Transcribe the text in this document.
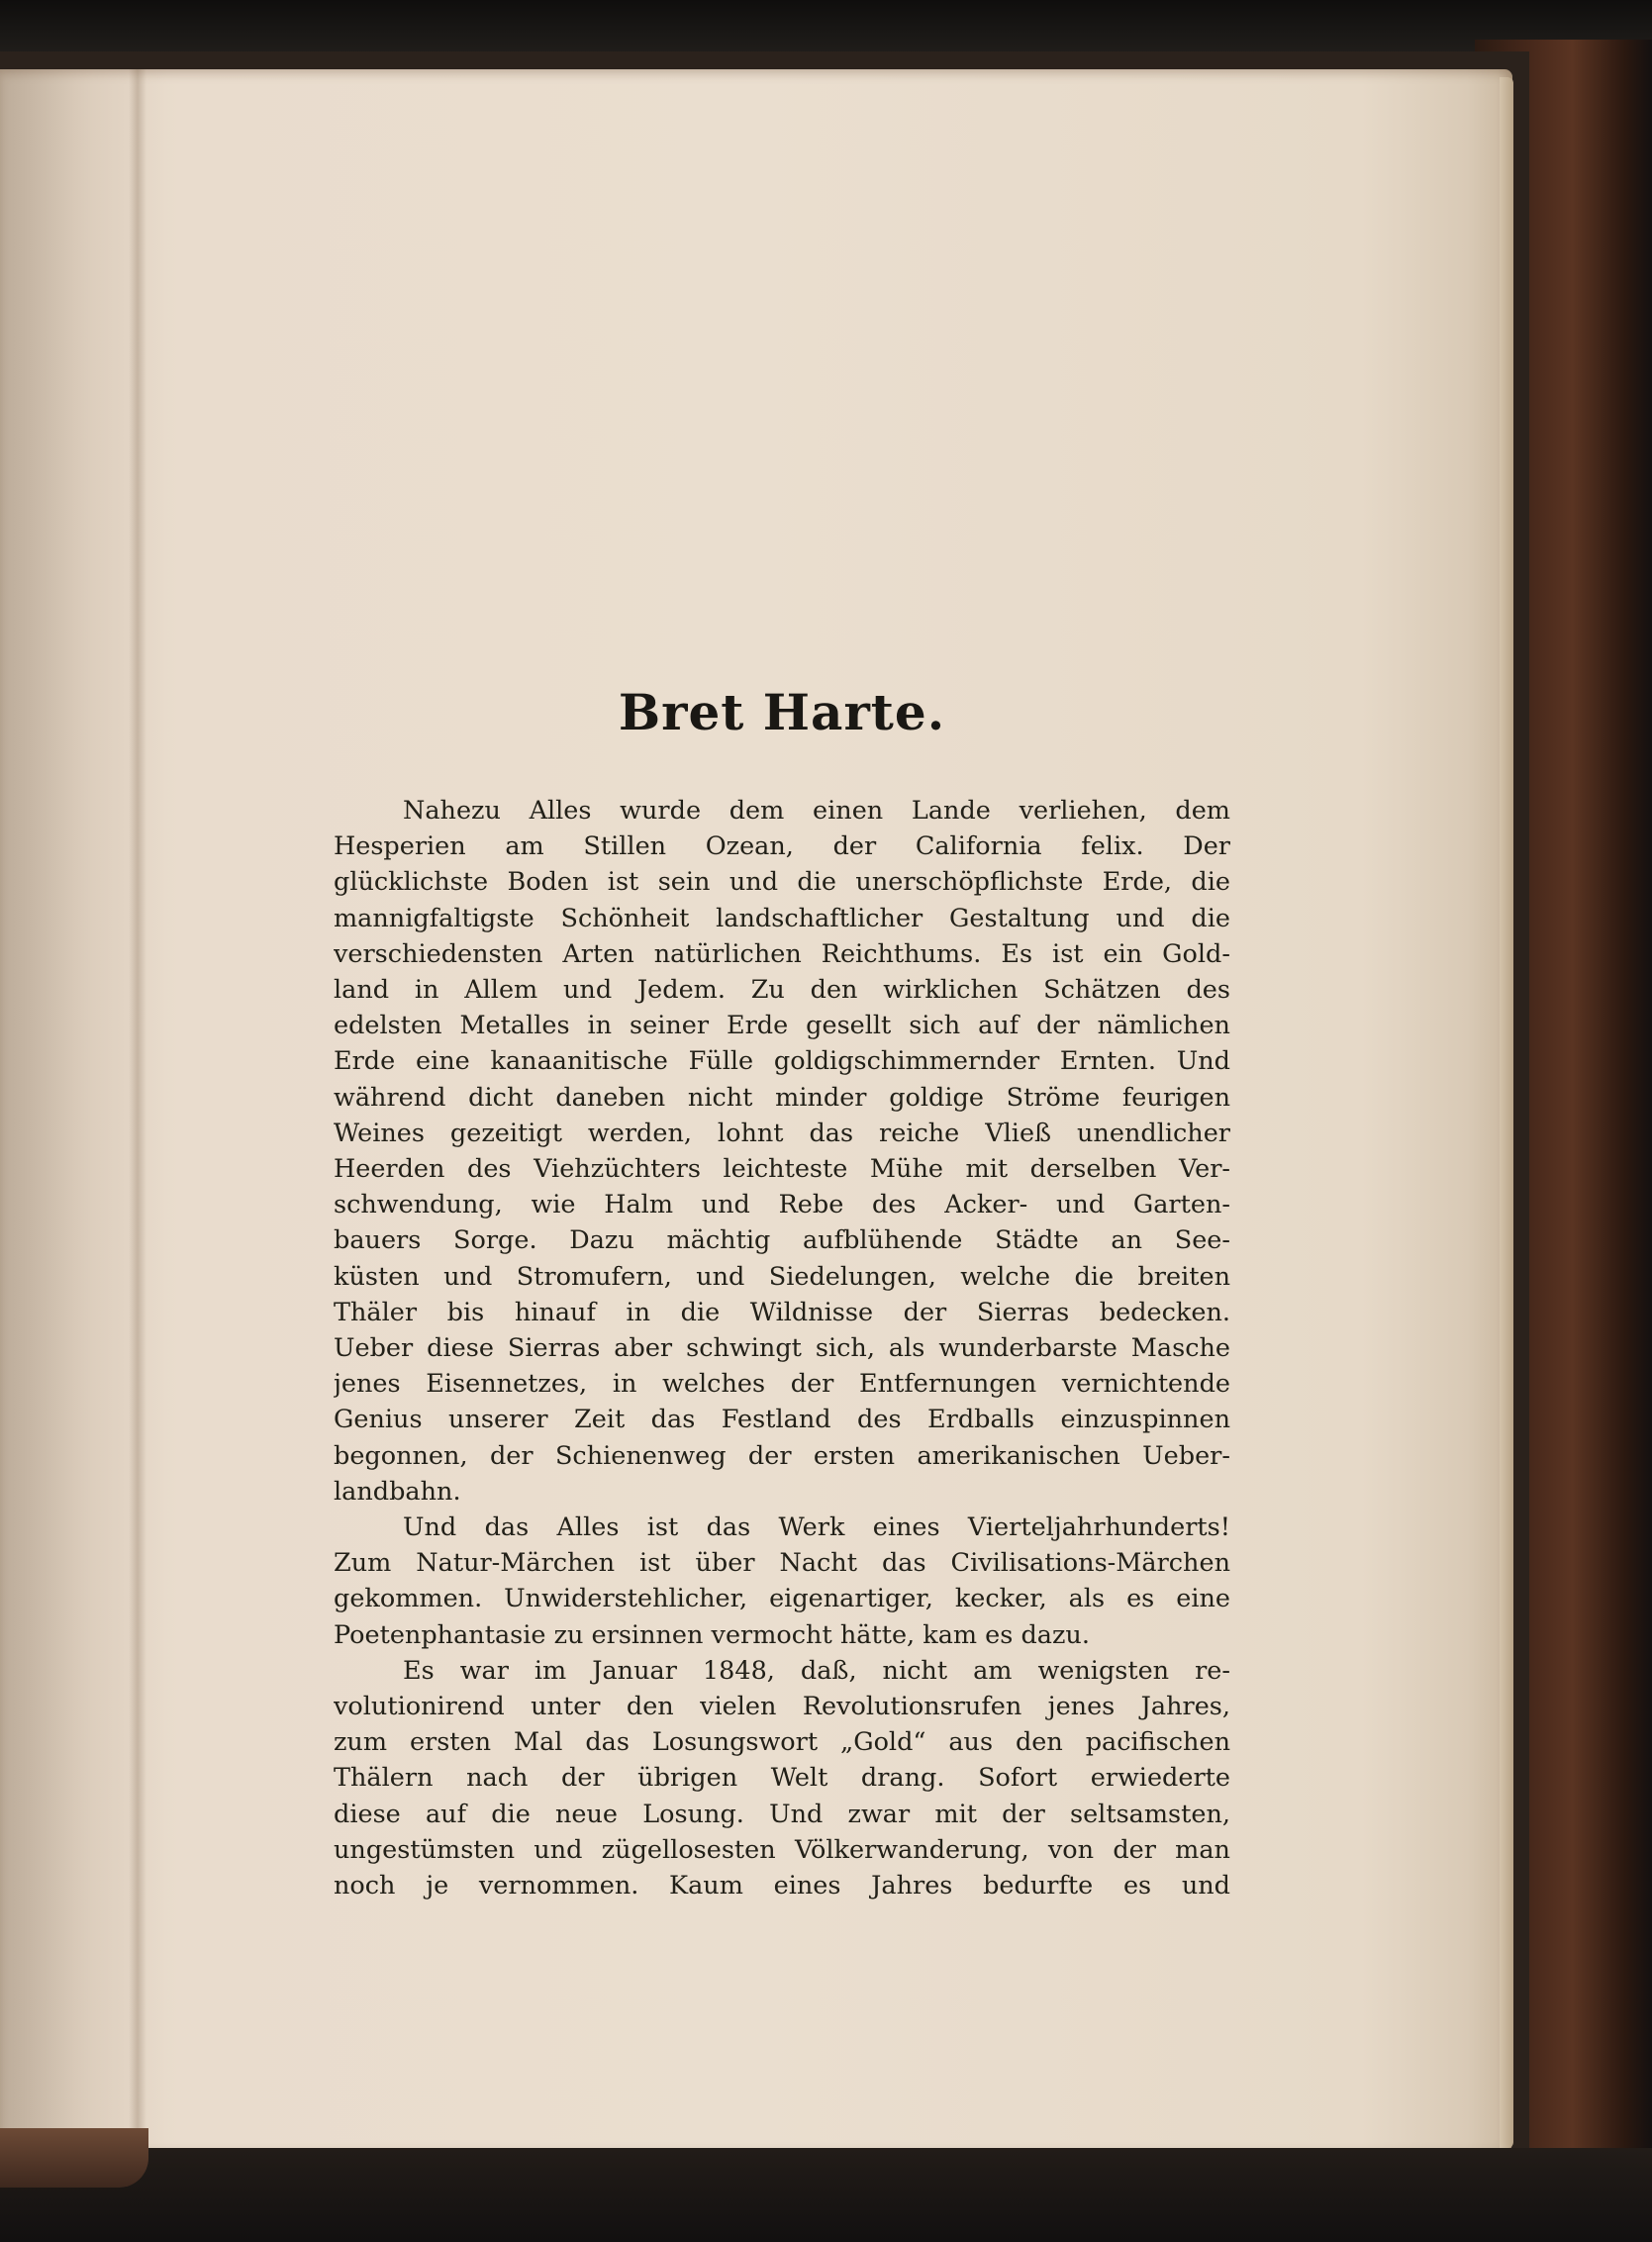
Bret Harte.
Nahezu Alles wurde dem einen Lande verliehen, dem
Hesperien am Stillen Ozean, der California felix. Der
glücklichste Boden ist sein und die unerschöpflichste Erde, die
mannigfaltigste Schönheit landschaftlicher Gestaltung und die
verschiedensten Arten natürlichen Reichthums. Es ist ein Gold-
land in Allem und Jedem. Zu den wirklichen Schätzen des
edelsten Metalles in seiner Erde gesellt sich auf der nämlichen
Erde eine kanaanitische Fülle goldigschimmernder Ernten. Und
während dicht daneben nicht minder goldige Ströme feurigen
Weines gezeitigt werden, lohnt das reiche Vließ unendlicher
Heerden des Viehzüchters leichteste Mühe mit derselben Ver-
schwendung, wie Halm und Rebe des Acker- und Garten-
bauers Sorge. Dazu mächtig aufblühende Städte an See-
küsten und Stromufern, und Siedelungen, welche die breiten
Thäler bis hinauf in die Wildnisse der Sierras bedecken.
Ueber diese Sierras aber schwingt sich, als wunderbarste Masche
jenes Eisennetzes, in welches der Entfernungen vernichtende
Genius unserer Zeit das Festland des Erdballs einzuspinnen
begonnen, der Schienenweg der ersten amerikanischen Ueber-
landbahn.
Und das Alles ist das Werk eines Vierteljahrhunderts!
Zum Natur-Märchen ist über Nacht das Civilisations-Märchen
gekommen. Unwiderstehlicher, eigenartiger, kecker, als es eine
Poetenphantasie zu ersinnen vermocht hätte, kam es dazu.
Es war im Januar 1848, daß, nicht am wenigsten re-
volutionirend unter den vielen Revolutionsrufen jenes Jahres,
zum ersten Mal das Losungswort „Gold“ aus den pacifischen
Thälern nach der übrigen Welt drang. Sofort erwiederte
diese auf die neue Losung. Und zwar mit der seltsamsten,
ungestümsten und zügellosesten Völkerwanderung, von der man
noch je vernommen. Kaum eines Jahres bedurfte es und
